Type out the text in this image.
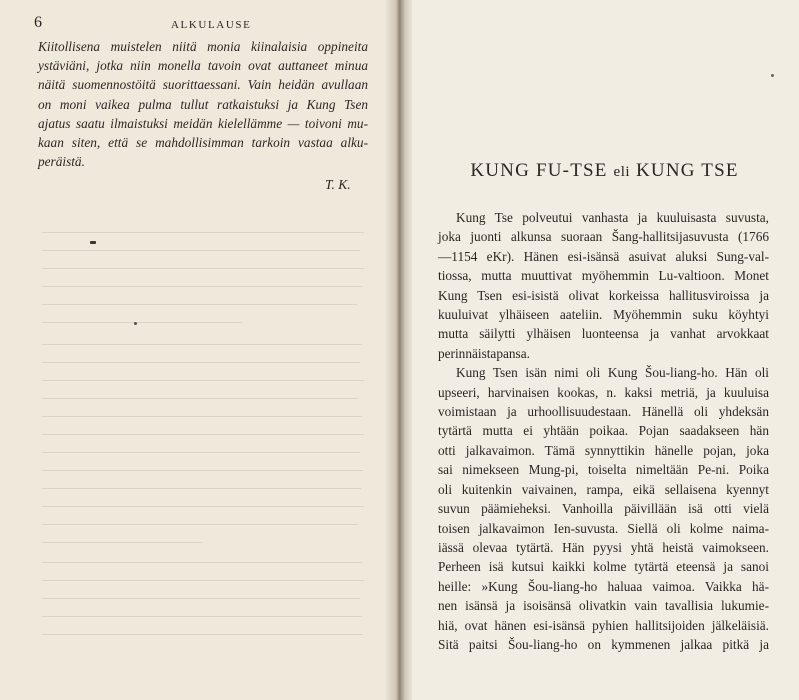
6	ALKULAUSE

Kiitollisena muistelen niitä monia kiinalaisia oppineita
ystäviäni, jotka niin monella tavoin ovat auttaneet minua
näitä suomennostöitä suorittaessani. Vain heidän avullaan
on moni vaikea pulma tullut ratkaistuksi ja Kung Tsen
ajatus saatu ilmaistuksi meidän kielellämme — toivoni mu-
kaan siten, että se mahdollisimman tarkoin vastaa alku-
peräistä.

T. K.
KUNG FU-TSE eli KUNG TSE
Kung Tse polveutui vanhasta ja kuuluisasta suvusta,
joka juonti alkunsa suoraan Šang-hallitsijasuvusta (1766
—1154 eKr). Hänen esi-isänsä asuivat aluksi Sung-val-
tiossa, mutta muuttivat myöhemmin Lu-valtioon. Monet
Kung Tsen esi-isistä olivat korkeissa hallitusviroissa ja
kuuluivat ylhäiseen aateliin. Myöhemmin suku köyhtyi
mutta säilytti ylhäisen luonteensa ja vanhat arvokkaat
perinnäistapansa.
Kung Tsen isän nimi oli Kung Šou-liang-ho. Hän oli
upseeri, harvinaisen kookas, n. kaksi metriä, ja kuuluisa
voimistaan ja urhoollisuudestaan. Hänellä oli yhdeksän
tytärtä mutta ei yhtään poikaa. Pojan saadakseen hän
otti jalkavaimon. Tämä synnyttikin hänelle pojan, joka
sai nimekseen Mung-pi, toiselta nimeltään Pe-ni. Poika
oli kuitenkin vaivainen, rampa, eikä sellaisena kyennyt
suvun päämieheksi. Vanhoilla päivillään isä otti vielä
toisen jalkavaimon Ien-suvusta. Siellä oli kolme naima-
iässä olevaa tytärtä. Hän pyysi yhtä heistä vaimokseen.
Perheen isä kutsui kaikki kolme tytärtä eteensä ja sanoi
heille: »Kung Šou-liang-ho haluaa vaimoa. Vaikka hä-
nen isänsä ja isoisänsä olivatkin vain tavallisia lukumie-
hiä, ovat hänen esi-isänsä pyhien hallitsijoiden jälkeläisiä.
Sitä paitsi Šou-liang-ho on kymmenen jalkaa pitkä ja
